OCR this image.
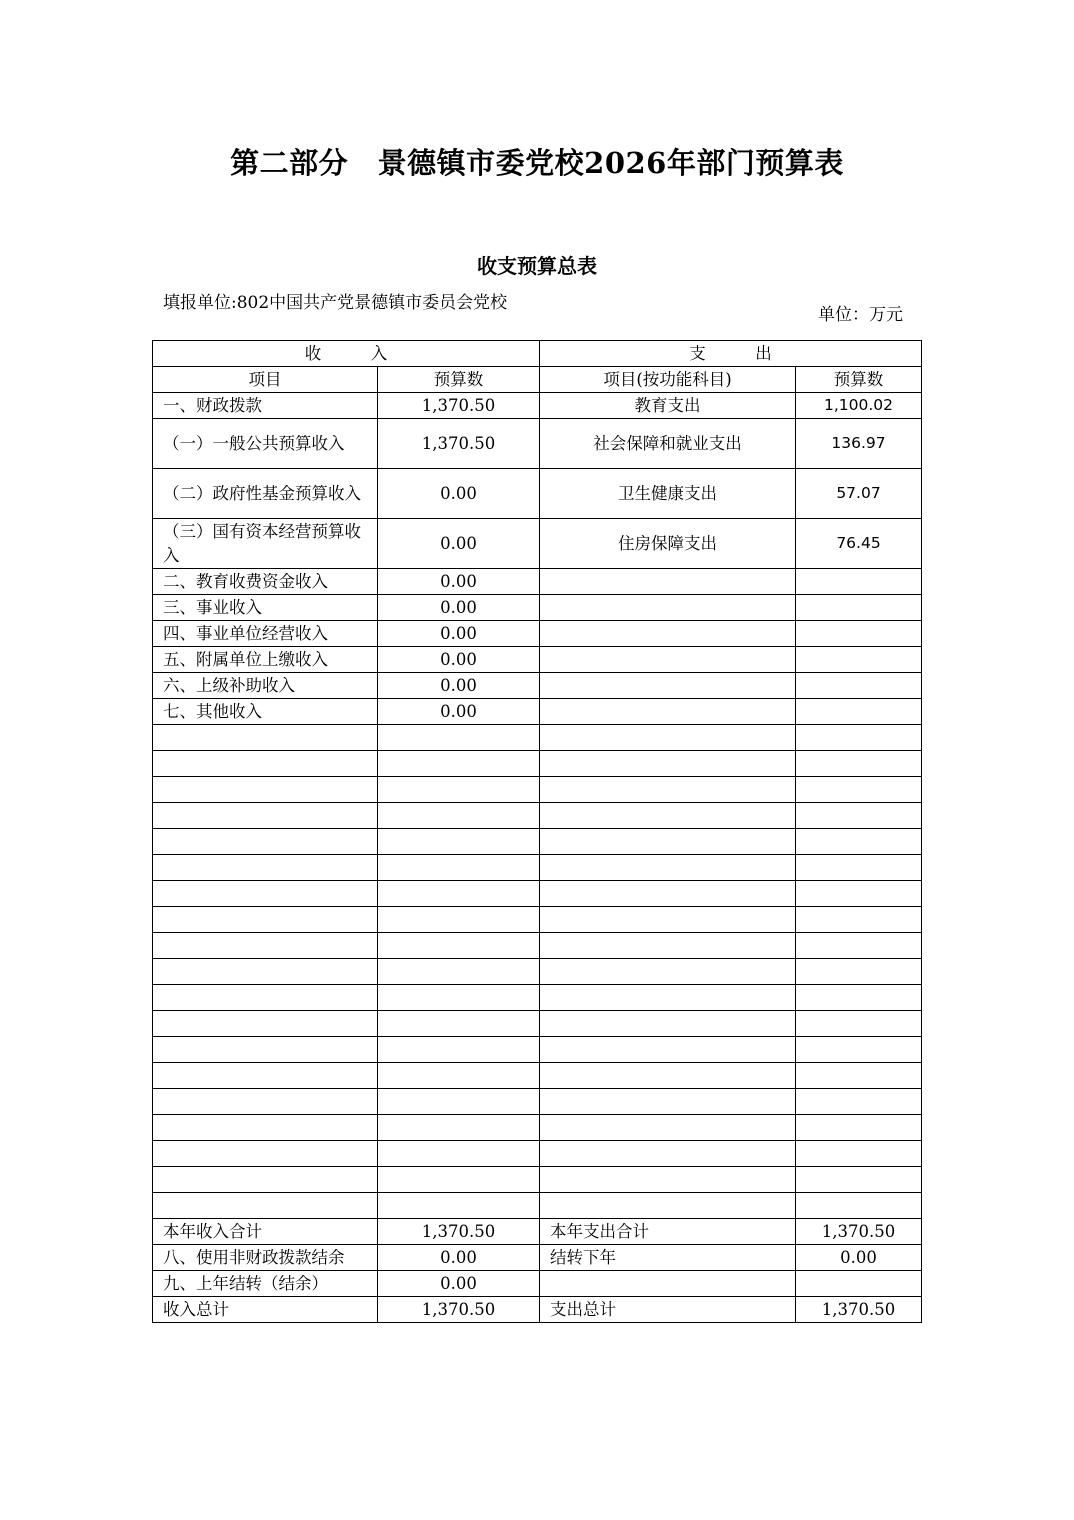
第二部分　景德镇市委党校2026年部门预算表
收支预算总表
填报单位:802中国共产党景德镇市委员会党校
单位：万元
收　　　入		支　　　出	
项目	预算数	项目(按功能科目)	预算数
一、财政拨款	1,370.50	教育支出	1,100.02
（一）一般公共预算收入	1,370.50	社会保障和就业支出	136.97
（二）政府性基金预算收入	0.00	卫生健康支出	57.07
（三）国有资本经营预算收入	0.00	住房保障支出	76.45
二、教育收费资金收入	0.00		
三、事业收入	0.00		
四、事业单位经营收入	0.00		
五、附属单位上缴收入	0.00		
六、上级补助收入	0.00		
七、其他收入	0.00		

本年收入合计	1,370.50	本年支出合计	1,370.50
八、使用非财政拨款结余	0.00	结转下年	0.00
九、上年结转（结余）	0.00		
收入总计	1,370.50	支出总计	1,370.50
